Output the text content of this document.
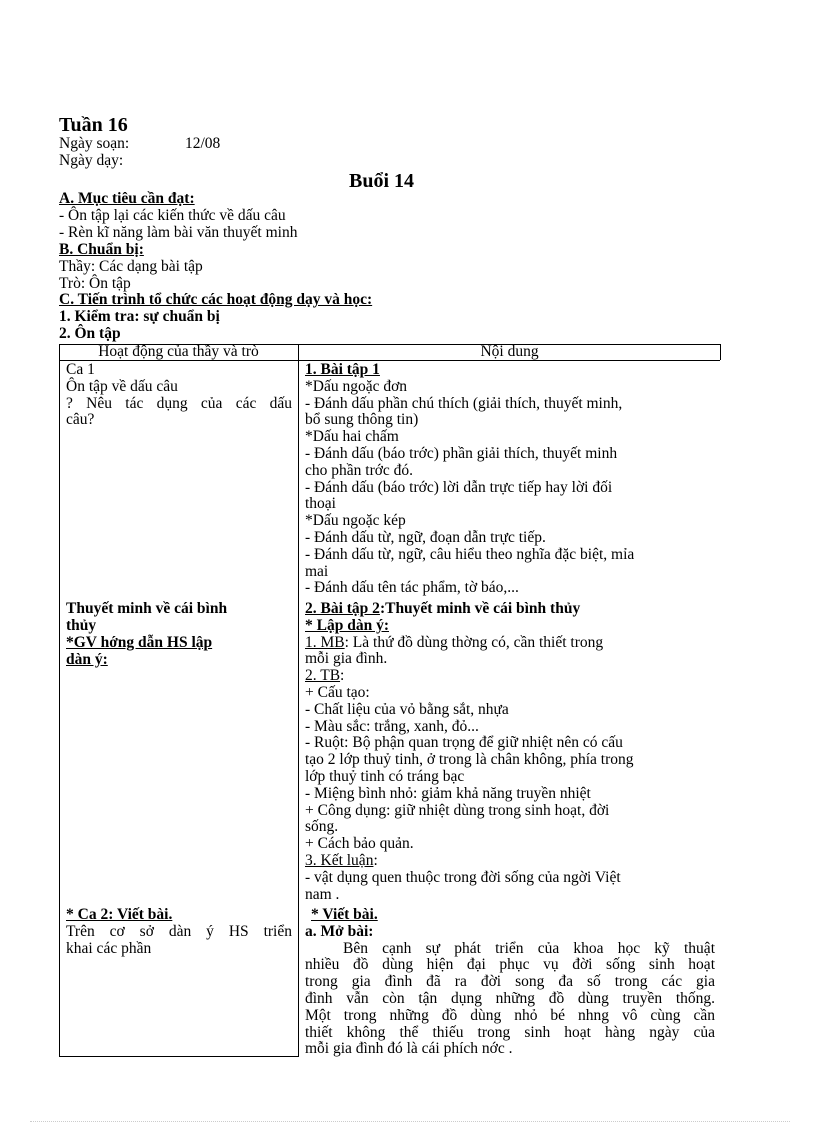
Tuần 16
Ngày soạn:	12/08
Ngày dạy:
Buổi 14
A. Mục tiêu cần đạt:
- Ôn tập lại các kiến thức về dấu câu
- Rèn kĩ năng làm bài văn thuyết minh
B. Chuẩn bị:
Thầy: Các dạng bài tập
Trò: Ôn tập
C. Tiến trình tổ chức các hoạt động dạy và học:
1. Kiểm tra: sự chuẩn bị
2. Ôn tập
Hoạt động của thầy và trò	Nội dung
Ca 1
Ôn tập về dấu câu
? Nêu tác dụng của các dấu
câu?
Thuyết minh về cái bình
thủy
*GV hớng dẫn HS lập
dàn ý:
* Ca 2: Viết bài.
Trên cơ sở dàn ý HS triển
khai các phần
1. Bài tập 1
*Dấu ngoặc đơn
- Đánh dấu phần chú thích (giải thích, thuyết minh,
bổ sung thông tin)
*Dấu hai chấm
- Đánh dấu (báo trớc) phần giải thích, thuyết minh
cho phần trớc đó.
- Đánh dấu (báo trớc) lời dẫn trực tiếp hay lời đối
thoại
*Dấu ngoặc kép
- Đánh dấu từ, ngữ, đoạn dẫn trực tiếp.
- Đánh dấu từ, ngữ, câu hiểu theo nghĩa đặc biệt, mỉa
mai
- Đánh dấu tên tác phẩm, tờ báo,...
2. Bài tập 2:Thuyết minh về cái bình thủy
* Lập dàn ý:
1. MB: Là thứ đồ dùng thờng có, cần thiết trong
mỗi gia đình.
2. TB:
+ Cấu tạo:
- Chất liệu của vỏ bằng sắt, nhựa
- Màu sắc: trắng, xanh, đỏ...
- Ruột: Bộ phận quan trọng để giữ nhiệt nên có cấu
tạo 2 lớp thuỷ tinh, ở trong là chân không, phía trong
lớp thuỷ tinh có tráng bạc
- Miệng bình nhỏ: giảm khả năng truyền nhiệt
+ Công dụng: giữ nhiệt dùng trong sinh hoạt, đời
sống.
+ Cách bảo quản.
3. Kết luận:
- vật dụng quen thuộc trong đời sống của ngời Việt
nam .
* Viết bài.
a. Mở bài:
Bên cạnh sự phát triển của khoa học kỹ thuật
nhiều đồ dùng hiện đại phục vụ đời sống sinh hoạt
trong gia đình đã ra đời song đa số trong các gia
đình vẫn còn tận dụng những đồ dùng truyền thống.
Một trong những đồ dùng nhỏ bé nhng vô cùng cần
thiết không thể thiếu trong sinh hoạt hàng ngày của
mỗi gia đình đó là cái phích nớc .
